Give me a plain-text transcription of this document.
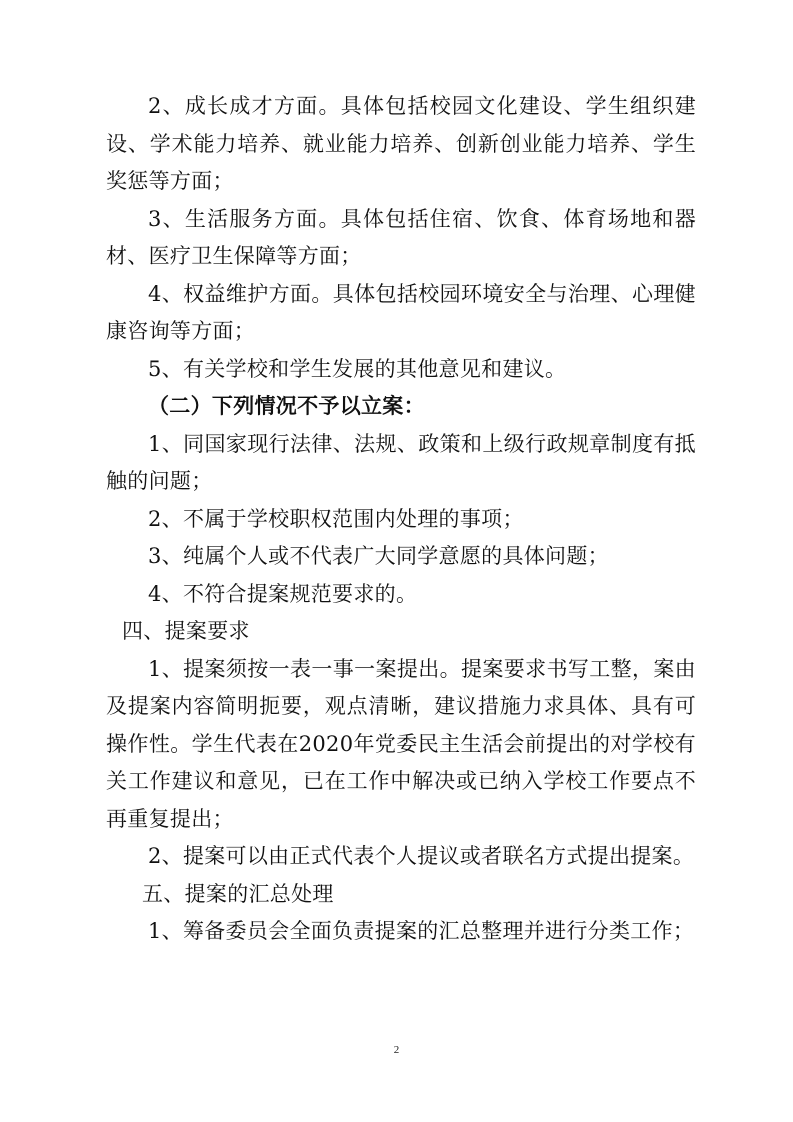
2、成长成才方面。具体包括校园文化建设、学生组织建设、学术能力培养、就业能力培养、创新创业能力培养、学生奖惩等方面；

3、生活服务方面。具体包括住宿、饮食、体育场地和器材、医疗卫生保障等方面；

4、权益维护方面。具体包括校园环境安全与治理、心理健康咨询等方面；

5、有关学校和学生发展的其他意见和建议。

（二）下列情况不予以立案：

1、同国家现行法律、法规、政策和上级行政规章制度有抵触的问题；

2、不属于学校职权范围内处理的事项；

3、纯属个人或不代表广大同学意愿的具体问题；

4、不符合提案规范要求的。

四、提案要求

1、提案须按一表一事一案提出。提案要求书写工整，案由及提案内容简明扼要，观点清晰，建议措施力求具体、具有可操作性。学生代表在2020年党委民主生活会前提出的对学校有关工作建议和意见，已在工作中解决或已纳入学校工作要点不再重复提出；

2、提案可以由正式代表个人提议或者联名方式提出提案。

五、提案的汇总处理

1、筹备委员会全面负责提案的汇总整理并进行分类工作；

2
